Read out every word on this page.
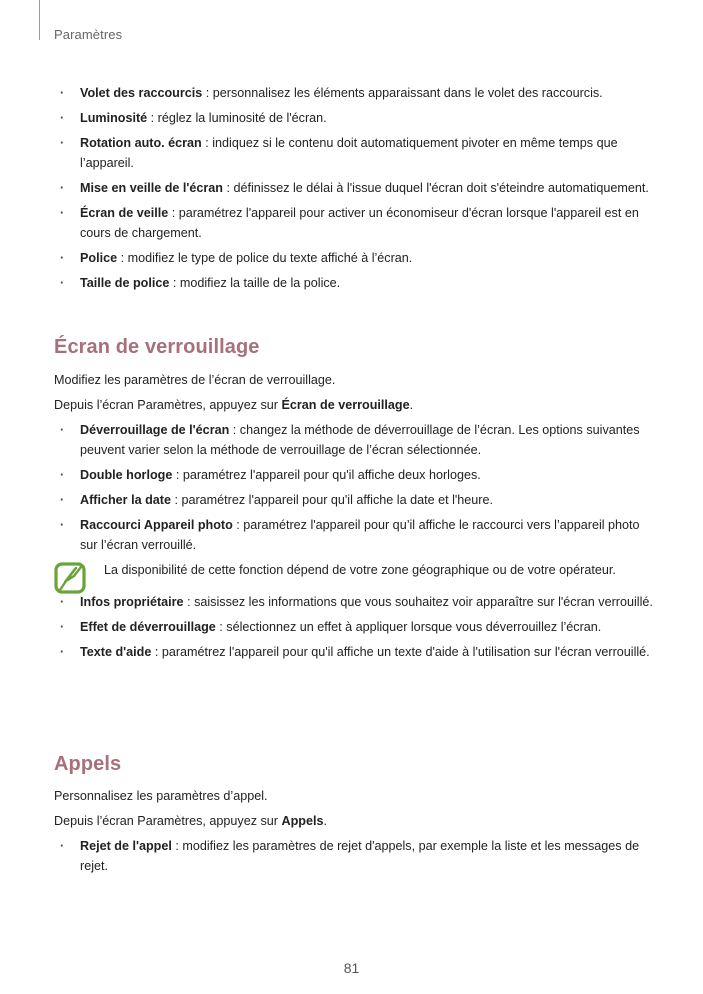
Paramètres
· Volet des raccourcis : personnalisez les éléments apparaissant dans le volet des raccourcis.
· Luminosité : réglez la luminosité de l'écran.
· Rotation auto. écran : indiquez si le contenu doit automatiquement pivoter en même temps que l’appareil.
· Mise en veille de l'écran : définissez le délai à l'issue duquel l'écran doit s'éteindre automatiquement.
· Écran de veille : paramétrez l'appareil pour activer un économiseur d'écran lorsque l'appareil est en cours de chargement.
· Police : modifiez le type de police du texte affiché à l’écran.
· Taille de police : modifiez la taille de la police.
Écran de verrouillage

Modifiez les paramètres de l’écran de verrouillage.

Depuis l’écran Paramètres, appuyez sur Écran de verrouillage.

· Déverrouillage de l'écran : changez la méthode de déverrouillage de l’écran. Les options suivantes peuvent varier selon la méthode de verrouillage de l’écran sélectionnée.
· Double horloge : paramétrez l'appareil pour qu'il affiche deux horloges.
· Afficher la date : paramétrez l'appareil pour qu'il affiche la date et l'heure.
· Raccourci Appareil photo : paramétrez l'appareil pour qu’il affiche le raccourci vers l’appareil photo sur l’écran verrouillé.
La disponibilité de cette fonction dépend de votre zone géographique ou de votre opérateur.
· Infos propriétaire : saisissez les informations que vous souhaitez voir apparaître sur l'écran verrouillé.
· Effet de déverrouillage : sélectionnez un effet à appliquer lorsque vous déverrouillez l’écran.
· Texte d'aide : paramétrez l'appareil pour qu'il affiche un texte d'aide à l'utilisation sur l'écran verrouillé.
Appels

Personnalisez les paramètres d’appel.

Depuis l’écran Paramètres, appuyez sur Appels.

· Rejet de l'appel : modifiez les paramètres de rejet d'appels, par exemple la liste et les messages de rejet.
81
